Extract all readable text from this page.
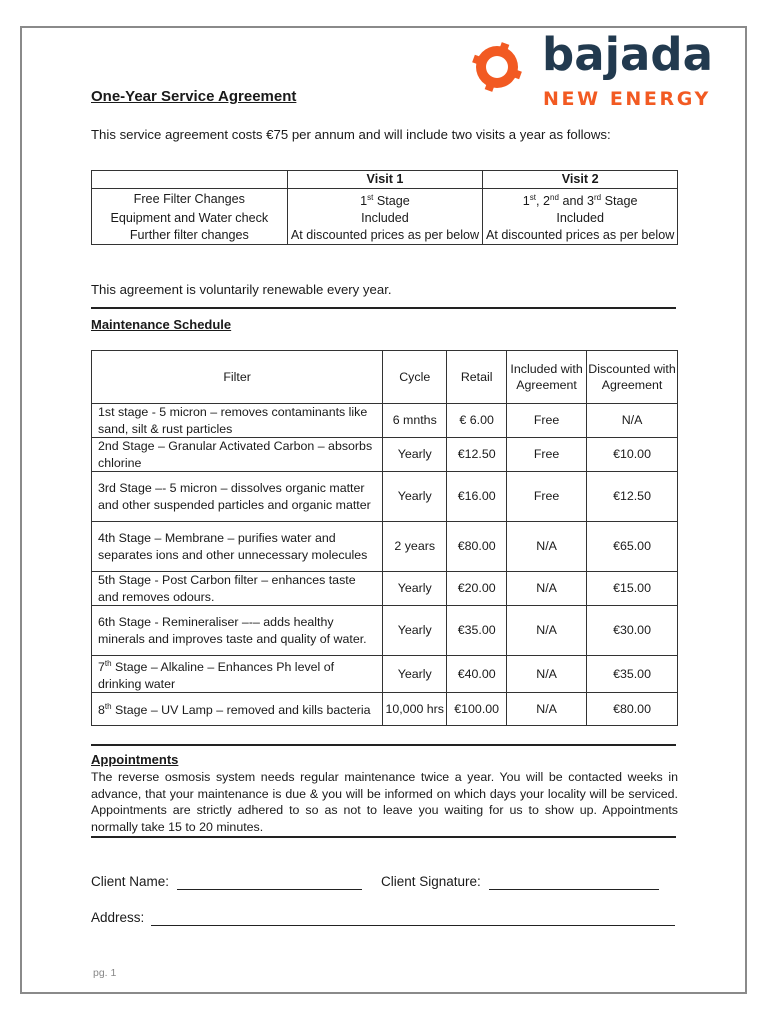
bajada
NEW ENERGY
One-Year Service Agreement
This service agreement costs €75 per annum and will include two visits a year as follows:
	Visit 1	Visit 2
Free Filter Changes	1st Stage	1st, 2nd and 3rd Stage
Equipment and Water check	Included	Included
Further filter changes	At discounted prices as per below	At discounted prices as per below
This agreement is voluntarily renewable every year.
Maintenance Schedule
Filter	Cycle	Retail	Included with Agreement	Discounted with Agreement
1st stage - 5 micron – removes contaminants like sand, silt & rust particles	6 mnths	€ 6.00	Free	N/A
2nd Stage – Granular Activated Carbon – absorbs chlorine	Yearly	€12.50	Free	€10.00
3rd Stage –- 5 micron – dissolves organic matter and other suspended particles and organic matter	Yearly	€16.00	Free	€12.50
4th Stage – Membrane – purifies water and separates ions and other unnecessary molecules	2 years	€80.00	N/A	€65.00
5th Stage - Post Carbon filter – enhances taste and removes odours.	Yearly	€20.00	N/A	€15.00
6th Stage - Remineraliser –-– adds healthy minerals and improves taste and quality of water.	Yearly	€35.00	N/A	€30.00
7th Stage – Alkaline – Enhances Ph level of drinking water	Yearly	€40.00	N/A	€35.00
8th Stage – UV Lamp – removed and kills bacteria	10,000 hrs	€100.00	N/A	€80.00
Appointments
The reverse osmosis system needs regular maintenance twice a year. You will be contacted weeks in advance, that your maintenance is due & you will be informed on which days your locality will be serviced. Appointments are strictly adhered to so as not to leave you waiting for us to show up. Appointments normally take 15 to 20 minutes.
Client Name:	Client Signature:
Address:
pg. 1
